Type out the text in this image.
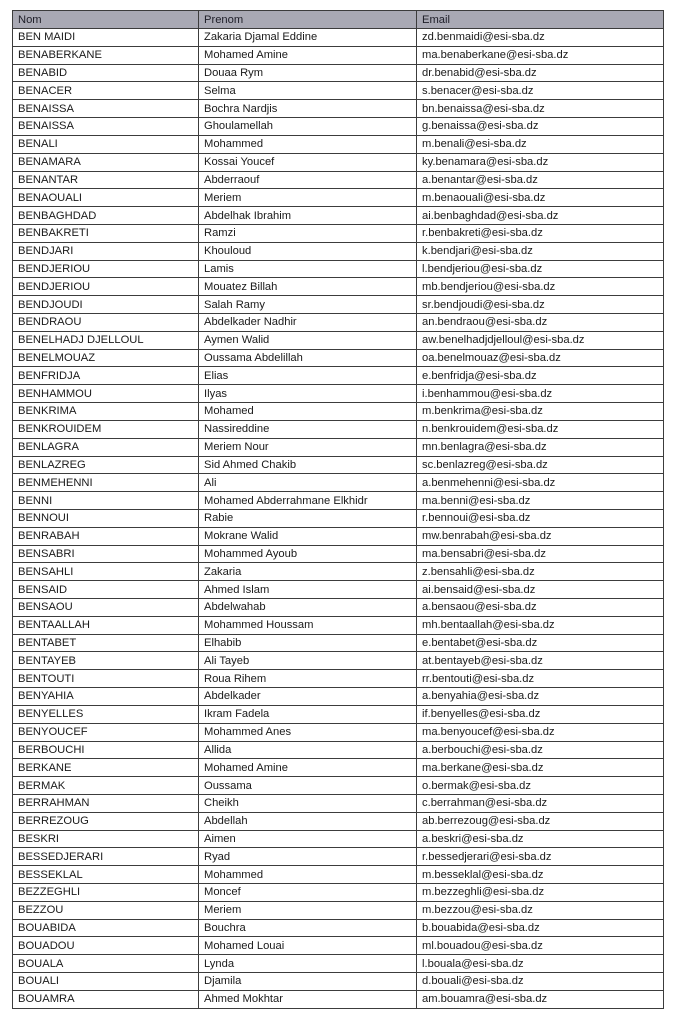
Nom	Prenom	Email
BEN MAIDI	Zakaria Djamal Eddine	zd.benmaidi@esi-sba.dz
BENABERKANE	Mohamed Amine	ma.benaberkane@esi-sba.dz
BENABID	Douaa Rym	dr.benabid@esi-sba.dz
BENACER	Selma	s.benacer@esi-sba.dz
BENAISSA	Bochra Nardjis	bn.benaissa@esi-sba.dz
BENAISSA	Ghoulamellah	g.benaissa@esi-sba.dz
BENALI	Mohammed	m.benali@esi-sba.dz
BENAMARA	Kossai Youcef	ky.benamara@esi-sba.dz
BENANTAR	Abderraouf	a.benantar@esi-sba.dz
BENAOUALI	Meriem	m.benaouali@esi-sba.dz
BENBAGHDAD	Abdelhak Ibrahim	ai.benbaghdad@esi-sba.dz
BENBAKRETI	Ramzi	r.benbakreti@esi-sba.dz
BENDJARI	Khouloud	k.bendjari@esi-sba.dz
BENDJERIOU	Lamis	l.bendjeriou@esi-sba.dz
BENDJERIOU	Mouatez Billah	mb.bendjeriou@esi-sba.dz
BENDJOUDI	Salah Ramy	sr.bendjoudi@esi-sba.dz
BENDRAOU	Abdelkader Nadhir	an.bendraou@esi-sba.dz
BENELHADJ DJELLOUL	Aymen Walid	aw.benelhadjdjelloul@esi-sba.dz
BENELMOUAZ	Oussama Abdelillah	oa.benelmouaz@esi-sba.dz
BENFRIDJA	Elias	e.benfridja@esi-sba.dz
BENHAMMOU	Ilyas	i.benhammou@esi-sba.dz
BENKRIMA	Mohamed	m.benkrima@esi-sba.dz
BENKROUIDEM	Nassireddine	n.benkrouidem@esi-sba.dz
BENLAGRA	Meriem Nour	mn.benlagra@esi-sba.dz
BENLAZREG	Sid Ahmed Chakib	sc.benlazreg@esi-sba.dz
BENMEHENNI	Ali	a.benmehenni@esi-sba.dz
BENNI	Mohamed Abderrahmane Elkhidr	ma.benni@esi-sba.dz
BENNOUI	Rabie	r.bennoui@esi-sba.dz
BENRABAH	Mokrane Walid	mw.benrabah@esi-sba.dz
BENSABRI	Mohammed Ayoub	ma.bensabri@esi-sba.dz
BENSAHLI	Zakaria	z.bensahli@esi-sba.dz
BENSAID	Ahmed Islam	ai.bensaid@esi-sba.dz
BENSAOU	Abdelwahab	a.bensaou@esi-sba.dz
BENTAALLAH	Mohammed Houssam	mh.bentaallah@esi-sba.dz
BENTABET	Elhabib	e.bentabet@esi-sba.dz
BENTAYEB	Ali Tayeb	at.bentayeb@esi-sba.dz
BENTOUTI	Roua Rihem	rr.bentouti@esi-sba.dz
BENYAHIA	Abdelkader	a.benyahia@esi-sba.dz
BENYELLES	Ikram Fadela	if.benyelles@esi-sba.dz
BENYOUCEF	Mohammed Anes	ma.benyoucef@esi-sba.dz
BERBOUCHI	Allida	a.berbouchi@esi-sba.dz
BERKANE	Mohamed Amine	ma.berkane@esi-sba.dz
BERMAK	Oussama	o.bermak@esi-sba.dz
BERRAHMAN	Cheikh	c.berrahman@esi-sba.dz
BERREZOUG	Abdellah	ab.berrezoug@esi-sba.dz
BESKRI	Aimen	a.beskri@esi-sba.dz
BESSEDJERARI	Ryad	r.bessedjerari@esi-sba.dz
BESSEKLAL	Mohammed	m.besseklal@esi-sba.dz
BEZZEGHLI	Moncef	m.bezzeghli@esi-sba.dz
BEZZOU	Meriem	m.bezzou@esi-sba.dz
BOUABIDA	Bouchra	b.bouabida@esi-sba.dz
BOUADOU	Mohamed Louai	ml.bouadou@esi-sba.dz
BOUALA	Lynda	l.bouala@esi-sba.dz
BOUALI	Djamila	d.bouali@esi-sba.dz
BOUAMRA	Ahmed Mokhtar	am.bouamra@esi-sba.dz
